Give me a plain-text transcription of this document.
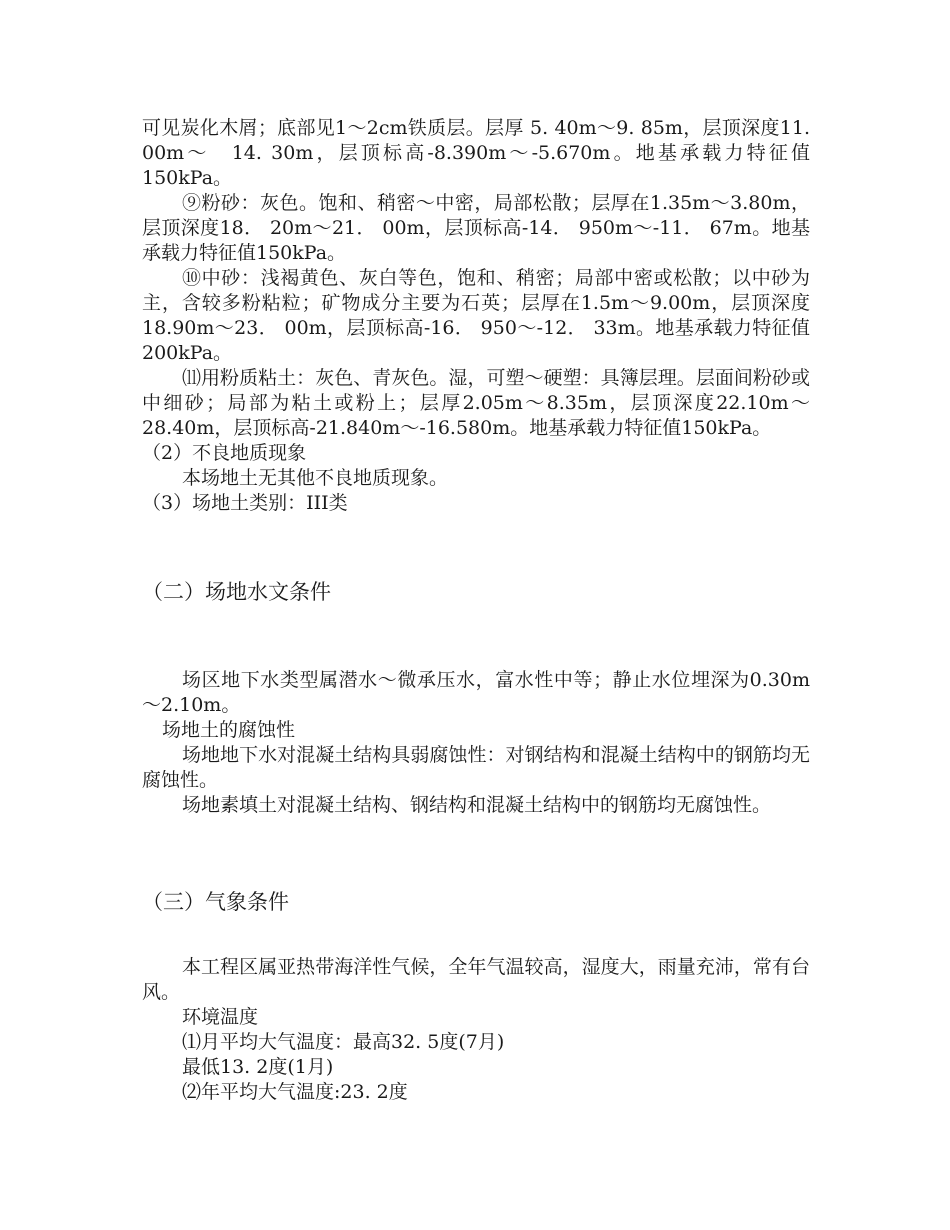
可见炭化木屑；底部见1～2cm铁质层。层厚 5. 40m～9. 85m，层顶深度11. 00m～　14. 30m，层顶标高-8.390m～-5.670m。地基承载力特征值 150kPa。

⑨粉砂：灰色。饱和、稍密～中密，局部松散；层厚在1.35m～3.80m，层顶深度18． 20m～21． 00m，层顶标高-14． 950m～-11． 67m。地基承载力特征值150kPa。

⑩中砂：浅褐黄色、灰白等色，饱和、稍密；局部中密或松散；以中砂为主，含较多粉粘粒；矿物成分主要为石英；层厚在1.5m～9.00m，层顶深度18.90m～23． 00m，层顶标高-16． 950～-12． 33m。地基承载力特征值200kPa。

⑾用粉质粘土：灰色、青灰色。湿，可塑～硬塑：具簿层理。层面间粉砂或中细砂；局部为粘土或粉上；层厚2.05m～8.35m，层顶深度22.10m～28.40m，层顶标高-21.840m～-16.580m。地基承载力特征值150kPa。

（2）不良地质现象

本场地土无其他不良地质现象。

（3）场地土类别：III类

（二）场地水文条件

场区地下水类型属潜水～微承压水，富水性中等；静止水位埋深为0.30m～2.10m。

场地土的腐蚀性

场地地下水对混凝土结构具弱腐蚀性：对钢结构和混凝土结构中的钢筋均无腐蚀性。

场地素填土对混凝土结构、钢结构和混凝土结构中的钢筋均无腐蚀性。

（三）气象条件

本工程区属亚热带海洋性气候，全年气温较高，湿度大，雨量充沛，常有台风。

环境温度

⑴月平均大气温度：最高32. 5度(7月)

最低13. 2度(1月)

⑵年平均大气温度:23. 2度
